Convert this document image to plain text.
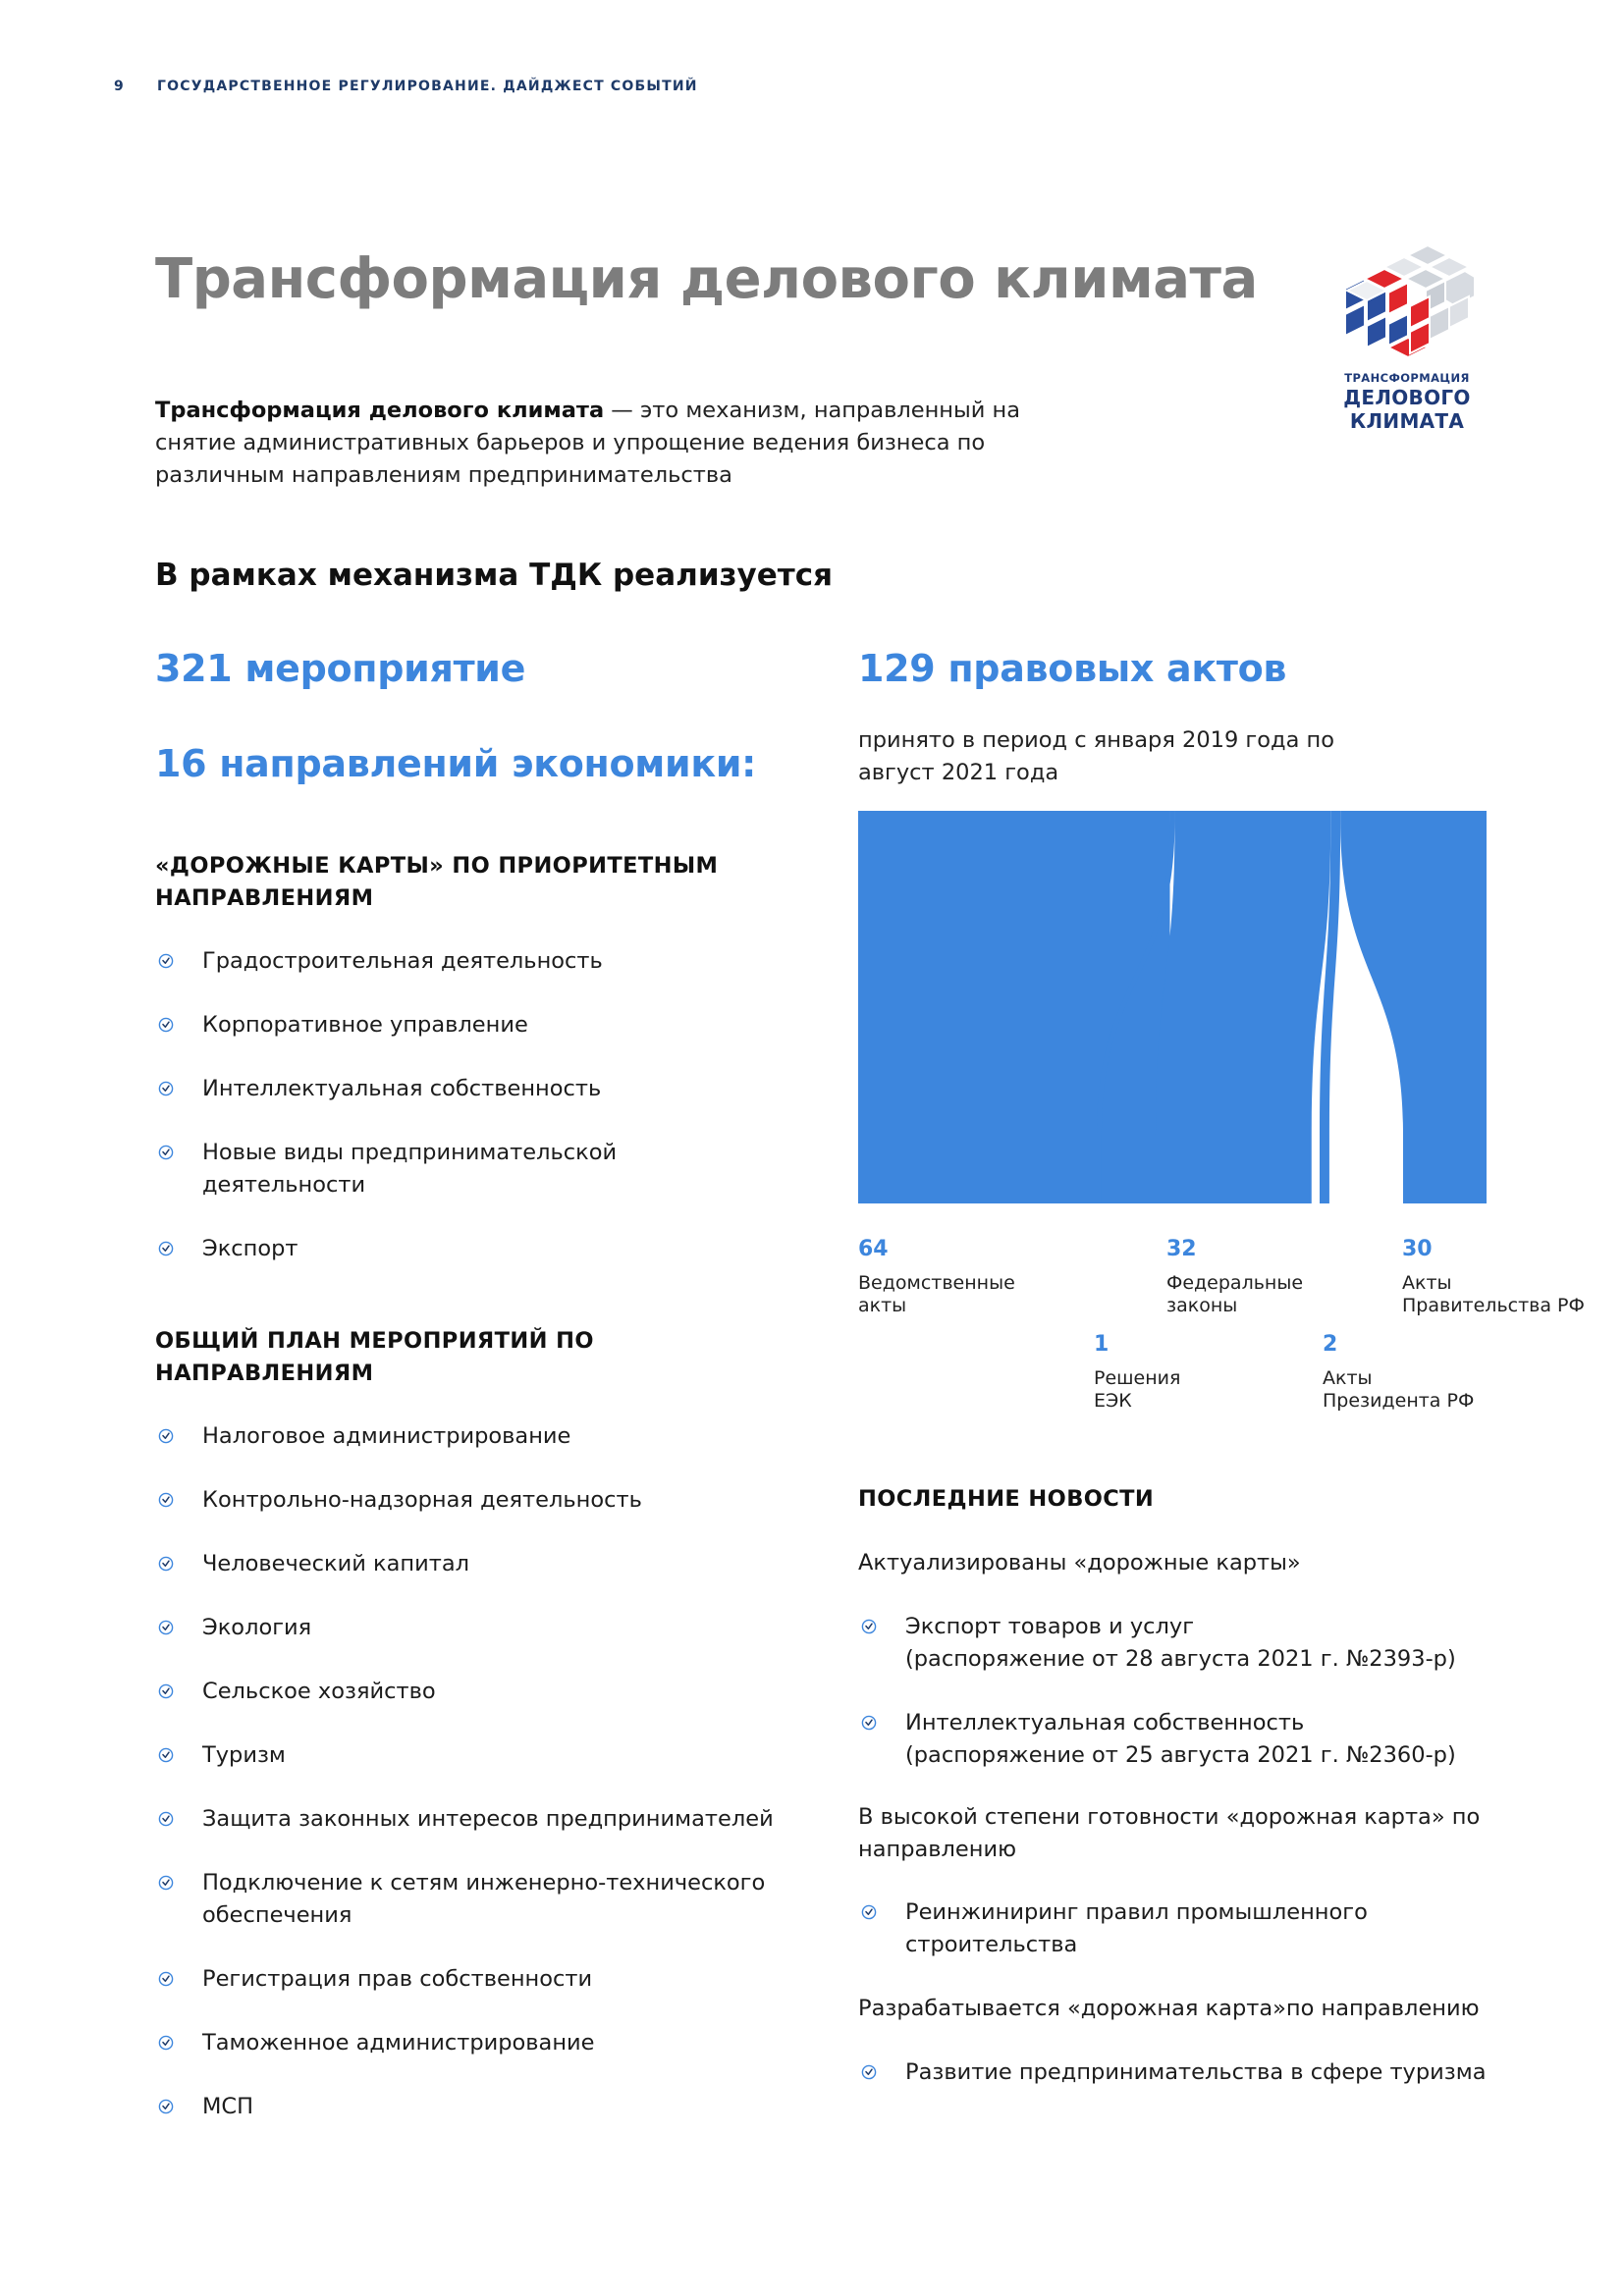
9 ГОСУДАРСТВЕННОЕ РЕГУЛИРОВАНИЕ. ДАЙДЖЕСТ СОБЫТИЙ
Трансформация делового климата
ТРАНСФОРМАЦИЯ
ДЕЛОВОГО
КЛИМАТА
Трансформация делового климата — это механизм, направленный на снятие административных барьеров и упрощение ведения бизнеса по различным направлениям предпринимательства
В рамках механизма ТДК реализуется
321 мероприятие
16 направлений экономики:
129 правовых актов
принято в период с января 2019 года по август 2021 года
«ДОРОЖНЫЕ КАРТЫ» ПО ПРИОРИТЕТНЫМ НАПРАВЛЕНИЯМ
Градостроительная деятельность
Корпоративное управление
Интеллектуальная собственность
Новые виды предпринимательской деятельности
Экспорт
ОБЩИЙ ПЛАН МЕРОПРИЯТИЙ ПО НАПРАВЛЕНИЯМ
Налоговое администрирование
Контрольно-надзорная деятельность
Человеческий капитал
Экология
Сельское хозяйство
Туризм
Защита законных интересов предпринимателей
Подключение к сетям инженерно-технического обеспечения
Регистрация прав собственности
Таможенное администрирование
МСП
64
Ведомственные
акты
32
Федеральные
законы
30
Акты
Правительства РФ
1
Решения
ЕЭК
2
Акты
Президента РФ
ПОСЛЕДНИЕ НОВОСТИ

Актуализированы «дорожные карты»

Экспорт товаров и услуг
(распоряжение от 28 августа 2021 г. №2393-р)
Интеллектуальная собственность
(распоряжение от 25 августа 2021 г. №2360-р)

В высокой степени готовности «дорожная карта» по направлению

Реинжиниринг правил промышленного строительства

Разрабатывается «дорожная карта»по направлению

Развитие предпринимательства в сфере туризма
